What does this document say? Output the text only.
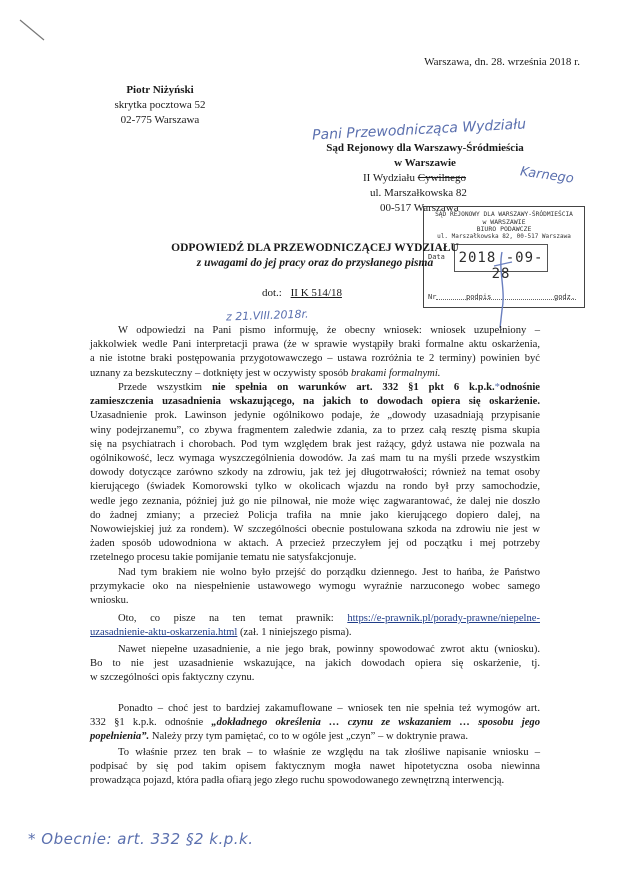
Warszawa, dn. 28. września 2018 r.
Piotr Niżyński
skrytka pocztowa 52
02-775 Warszawa	Pani Przewodnicząca Wydziału
Sąd Rejonowy dla Warszawy-Śródmieścia
w Warszawie
II Wydziału Cywilnego	Karnego
ul. Marszałkowska 82
00-517 Warszawa
SĄD REJONOWY DLA WARSZAWY-ŚRÓDMIEŚCIA
w WARSZAWIE
BIURO PODAWCZE
ul. Marszałkowska 82, 00-517 Warszawa
Data 2018 -09- 28
Nr	podpis	godz.
ODPOWIEDŹ DLA PRZEWODNICZĄCEJ WYDZIAŁU
z uwagami do jej pracy oraz do przysłanego pisma
dot.: II K 514/18
z 21.VIII.2018r.
W odpowiedzi na Pani pismo informuję, że obecny wniosek: wniosek uzupełniony –
jakkolwiek wedle Pani interpretacji prawa (że w sprawie wystąpiły braki formalne aktu oskarżenia,
a nie istotne braki postępowania przygotowawczego – ustawa rozróżnia te 2 terminy) powinien być
uznany za bezskuteczny – dotknięty jest w oczywisty sposób brakami formalnymi.
Przede wszystkim nie spełnia on warunków art. 332 §1 pkt 6 k.p.k.*odnośnie
zamieszczenia uzasadnienia wskazującego, na jakich to dowodach opiera się oskarżenie.
Uzasadnienie prok. Lawinson jedynie ogólnikowo podaje, że „dowody uzasadniają przypisanie
winy podejrzanemu”, co zbywa fragmentem zaledwie zdania, za to przez całą resztę pisma skupia
się na psychiatrach i chorobach. Pod tym względem brak jest rażący, gdyż ustawa nie pozwala na
ogólnikowość, lecz wymaga wyszczególnienia dowodów. Ja zaś mam tu na myśli przede wszystkim
dowody dotyczące zarówno szkody na zdrowiu, jak też jej długotrwałości; również na temat osoby
kierującego (świadek Komorowski tylko w okolicach wjazdu na rondo był przy samochodzie,
wedle jego zeznania, później już go nie pilnował, nie może więc zagwarantować, że dalej nie doszło
do żadnej zmiany; a przecież Policja trafiła na mnie jako kierującego dopiero dalej, na
Nowowiejskiej już za rondem). W szczególności obecnie postulowana szkoda na zdrowiu nie jest w
żaden sposób udowodniona w aktach. A przecież przeczyłem jej od początku i mej potrzeby
rzetelnego procesu takie pomijanie tematu nie satysfakcjonuje.
Nad tym brakiem nie wolno było przejść do porządku dziennego. Jest to hańba, że Państwo
przymykacie oko na niespełnienie ustawowego wymogu wyraźnie narzuconego wobec samego
wniosku.
Oto, co pisze na ten temat prawnik: https://e-prawnik.pl/porady-prawne/niepelne-
uzasadnienie-aktu-oskarzenia.html (zał. 1 niniejszego pisma).
Nawet niepełne uzasadnienie, a nie jego brak, powinny spowodować zwrot aktu (wniosku).
Bo to nie jest uzasadnienie wskazujące, na jakich dowodach opiera się oskarżenie, tj.
w szczególności opis faktyczny czynu.
Ponadto – choć jest to bardziej zakamuflowane – wniosek ten nie spełnia też wymogów art.
332 §1 k.p.k. odnośnie „dokładnego określenia … czynu ze wskazaniem … sposobu jego
popełnienia”. Należy przy tym pamiętać, co to w ogóle jest „czyn” – w doktrynie prawa.
To właśnie przez ten brak – to właśnie ze względu na tak złośliwe napisanie wniosku –
podpisać by się pod takim opisem faktycznym mogła nawet hipotetyczna osoba niewinna
prowadząca pojazd, która padła ofiarą jego złego ruchu spowodowanego zewnętrzną interwencją.
* Obecnie: art. 332 §2 k.p.k.
